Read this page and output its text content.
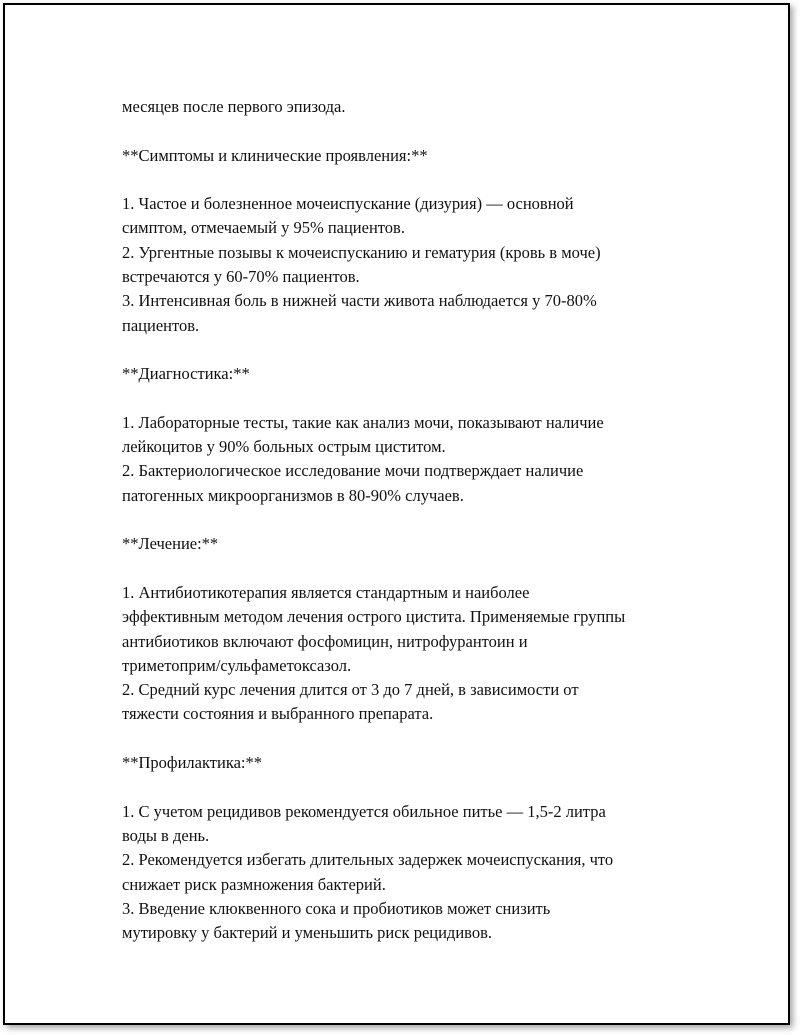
месяцев после первого эпизода.
**Симптомы и клинические проявления:**
1. Частое и болезненное мочеиспускание (дизурия) — основной
симптом, отмечаемый у 95% пациентов.
2. Ургентные позывы к мочеиспусканию и гематурия (кровь в моче)
встречаются у 60-70% пациентов.
3. Интенсивная боль в нижней части живота наблюдается у 70-80%
пациентов.
**Диагностика:**
1. Лабораторные тесты, такие как анализ мочи, показывают наличие
лейкоцитов у 90% больных острым циститом.
2. Бактериологическое исследование мочи подтверждает наличие
патогенных микроорганизмов в 80-90% случаев.
**Лечение:**
1. Антибиотикотерапия является стандартным и наиболее
эффективным методом лечения острого цистита. Применяемые группы
антибиотиков включают фосфомицин, нитрофурантоин и
триметоприм/сульфаметоксазол.
2. Средний курс лечения длится от 3 до 7 дней, в зависимости от
тяжести состояния и выбранного препарата.
**Профилактика:**
1. С учетом рецидивов рекомендуется обильное питье — 1,5-2 литра
воды в день.
2. Рекомендуется избегать длительных задержек мочеиспускания, что
снижает риск размножения бактерий.
3. Введение клюквенного сока и пробиотиков может снизить
мутировку у бактерий и уменьшить риск рецидивов.
